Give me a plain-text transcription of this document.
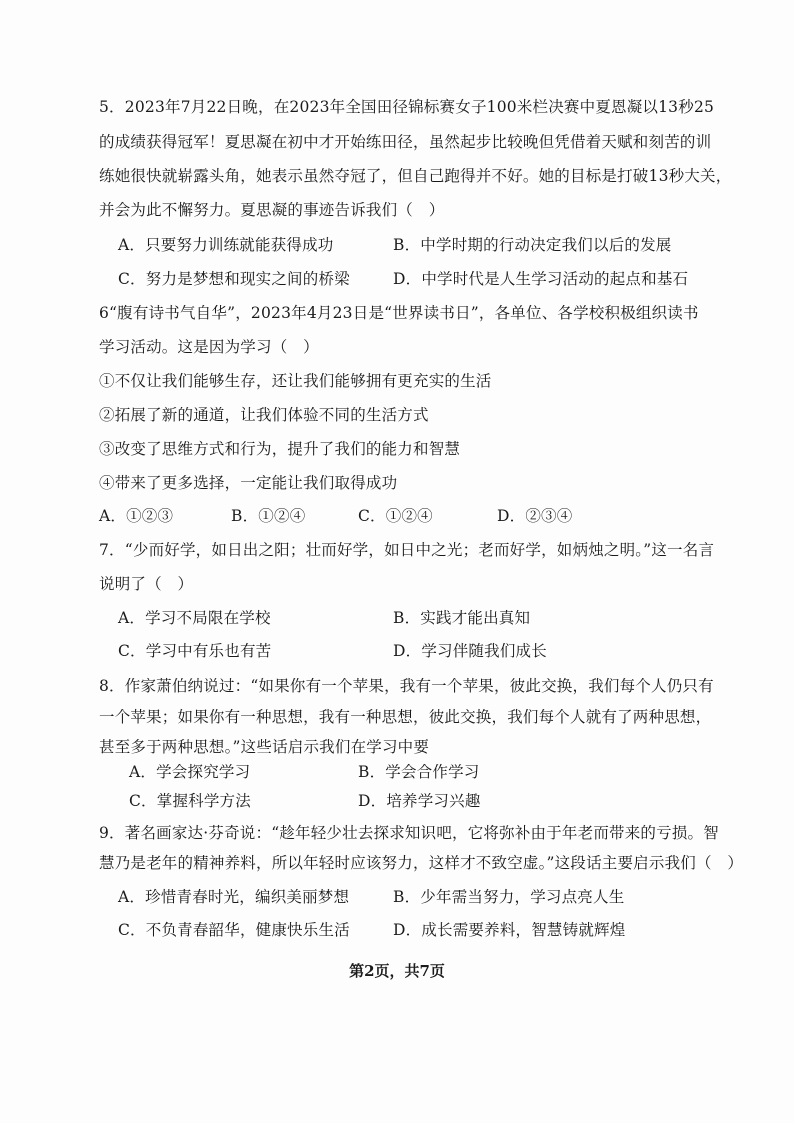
5．2023年7月22日晚，在2023年全国田径锦标赛女子100米栏决赛中夏恩凝以13秒25
的成绩获得冠军！夏思凝在初中才开始练田径，虽然起步比较晚但凭借着天赋和刻苦的训
练她很快就崭露头角，她表示虽然夺冠了，但自己跑得并不好。她的目标是打破13秒大关，
并会为此不懈努力。夏思凝的事迹告诉我们（　）
A．只要努力训练就能获得成功	B．中学时期的行动决定我们以后的发展
C．努力是梦想和现实之间的桥梁	D．中学时代是人生学习活动的起点和基石
6“腹有诗书气自华”，2023年4月23日是“世界读书日”，各单位、各学校积极组织读书
学习活动。这是因为学习（　）
①不仅让我们能够生存，还让我们能够拥有更充实的生活
②拓展了新的通道，让我们体验不同的生活方式
③改变了思维方式和行为，提升了我们的能力和智慧
④带来了更多选择，一定能让我们取得成功
A．①②③	B．①②④	C．①②④	D．②③④
7．“少而好学，如日出之阳；壮而好学，如日中之光；老而好学，如炳烛之明。”这一名言
说明了（　）
A．学习不局限在学校	B．实践才能出真知
C．学习中有乐也有苦	D．学习伴随我们成长
8．作家萧伯纳说过：“如果你有一个苹果，我有一个苹果，彼此交换，我们每个人仍只有
一个苹果；如果你有一种思想，我有一种思想，彼此交换，我们每个人就有了两种思想，
甚至多于两种思想。”这些话启示我们在学习中要
A．学会探究学习	B．学会合作学习
C．掌握科学方法	D．培养学习兴趣
9．著名画家达·芬奇说：“趁年轻少壮去探求知识吧，它将弥补由于年老而带来的亏损。智
慧乃是老年的精神养料，所以年轻时应该努力，这样才不致空虚。”这段话主要启示我们（　）
A．珍惜青春时光，编织美丽梦想	B．少年需当努力，学习点亮人生
C．不负青春韶华，健康快乐生活	D．成长需要养料，智慧铸就辉煌
第2页，共7页
